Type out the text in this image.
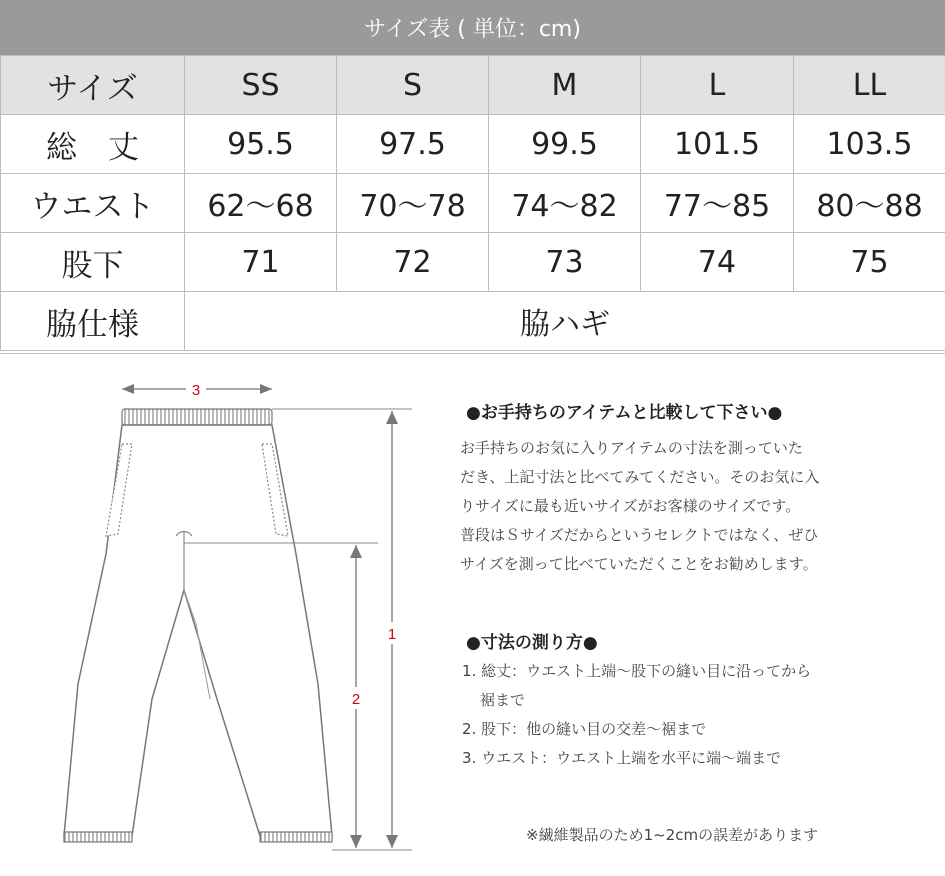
サイズ表 ( 単位：cm)
サイズ	SS	S	M	L	LL
総　丈	95.5	97.5	99.5	101.5	103.5
ウエスト	62〜68	70〜78	74〜82	77〜85	80〜88
股下	71	72	73	74	75
脇仕様	脇ハギ				
3
1
2
●お手持ちのアイテムと比較して下さい●
お手持ちのお気に入りアイテムの寸法を測っていた
だき、上記寸法と比べてみてください。そのお気に入
りサイズに最も近いサイズがお客様のサイズです。
普段はＳサイズだからというセレクトではなく、ぜひ
サイズを測って比べていただくことをお勧めします。
●寸法の測り方●
1. 総丈：ウエスト上端〜股下の縫い目に沿ってから
裾まで
2. 股下：他の縫い目の交差〜裾まで
3. ウエスト：ウエスト上端を水平に端〜端まで
※繊維製品のため1~2cmの誤差があります
